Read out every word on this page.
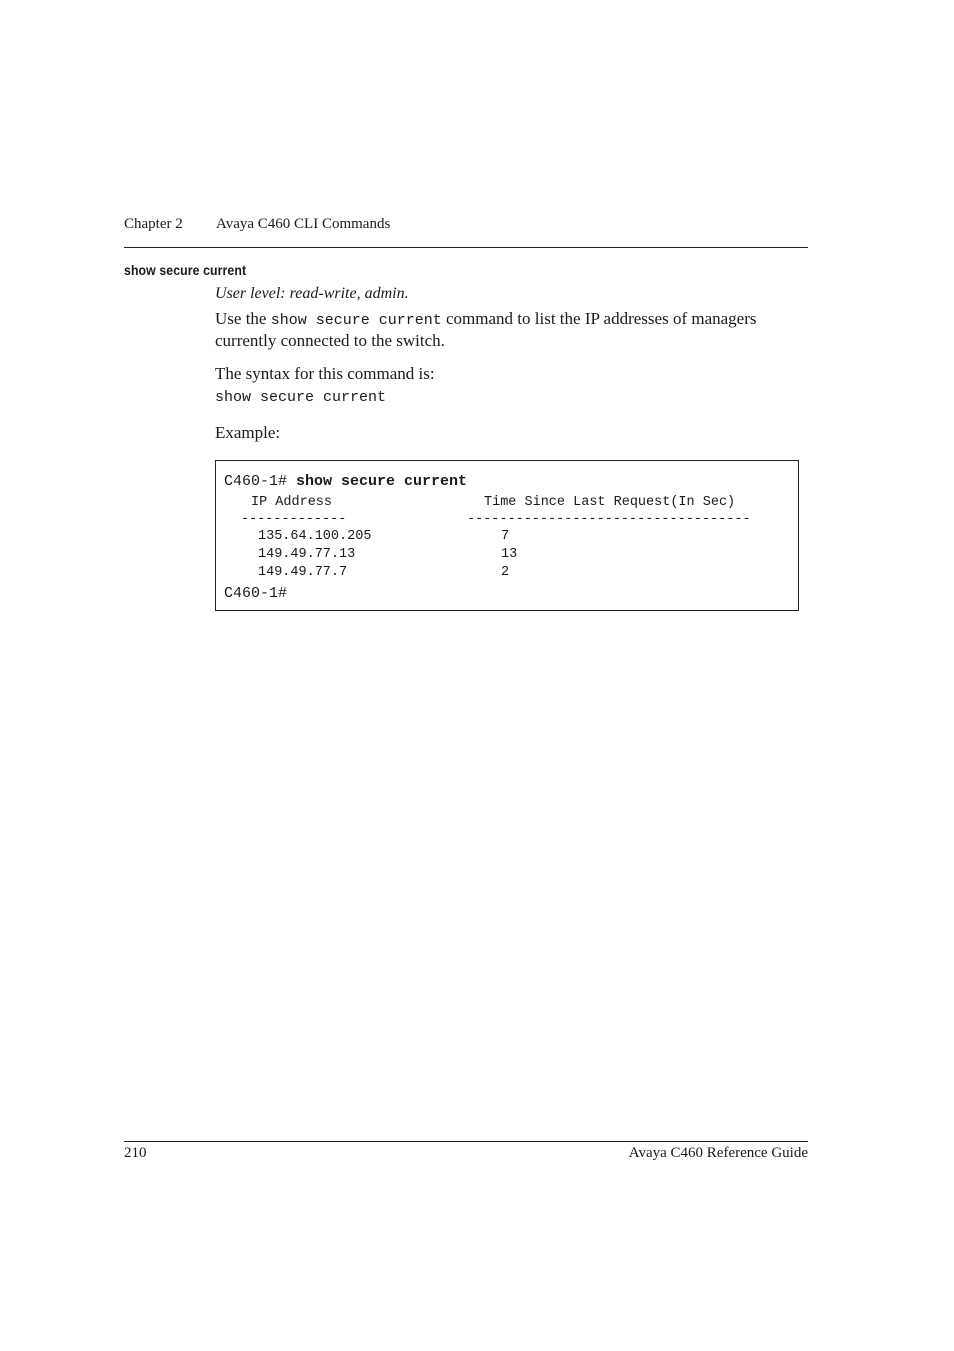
Chapter 2 Avaya C460 CLI Commands
show secure current
User level: read-write, admin.
Use the show secure current command to list the IP addresses of managers currently connected to the switch.
The syntax for this command is:
show secure current
Example:
C460-1# show secure current
IP Address	Time Since Last Request(In Sec)
-------------	-----------------------------------
135.64.100.205	7
149.49.77.13	13
149.49.77.7	2
C460-1#
210	Avaya C460 Reference Guide
